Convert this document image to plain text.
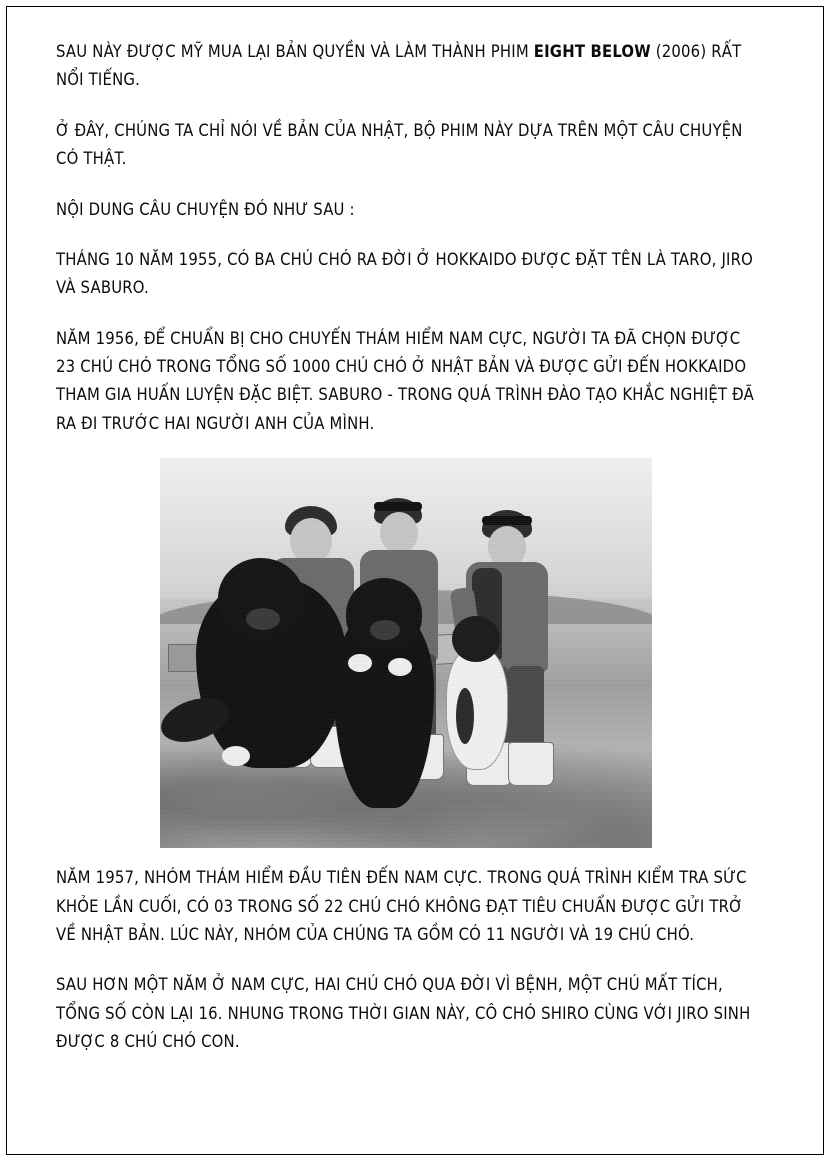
SAU NÀY ĐƯỢC MỸ MUA LẠI BẢN QUYỀN VÀ LÀM THÀNH PHIM EIGHT BELOW (2006) RẤT NỔI TIẾNG.

Ở ĐÂY, CHÚNG TA CHỈ NÓI VỀ BẢN CỦA NHẬT, BỘ PHIM NÀY DỰA TRÊN MỘT CÂU CHUYỆN CÓ THẬT.

NỘI DUNG CÂU CHUYỆN ĐÓ NHƯ SAU :

THÁNG 10 NĂM 1955, CÓ BA CHÚ CHÓ RA ĐỜI Ở HOKKAIDO ĐƯỢC ĐẶT TÊN LÀ TARO, JIRO VÀ SABURO.

NĂM 1956, ĐỂ CHUẨN BỊ CHO CHUYẾN THÁM HIỂM NAM CỰC, NGƯỜI TA ĐÃ CHỌN ĐƯỢC 23 CHÚ CHÓ TRONG TỔNG SỐ 1000 CHÚ CHÓ Ở NHẬT BẢN VÀ ĐƯỢC GỬI ĐẾN HOKKAIDO THAM GIA HUẤN LUYỆN ĐẶC BIỆT. SABURO - TRONG QUÁ TRÌNH ĐÀO TẠO KHẮC NGHIỆT ĐÃ RA ĐI TRƯỚC HAI NGƯỜI ANH CỦA MÌNH.

NĂM 1957, NHÓM THÁM HIỂM ĐẦU TIÊN ĐẾN NAM CỰC. TRONG QUÁ TRÌNH KIỂM TRA SỨC KHỎE LẦN CUỐI, CÓ 03 TRONG SỐ 22 CHÚ CHÓ KHÔNG ĐẠT TIÊU CHUẨN ĐƯỢC GỬI TRỞ VỀ NHẬT BẢN. LÚC NÀY, NHÓM CỦA CHÚNG TA GỒM CÓ 11 NGƯỜI VÀ 19 CHÚ CHÓ.

SAU HƠN MỘT NĂM Ở NAM CỰC, HAI CHÚ CHÓ QUA ĐỜI VÌ BỆNH, MỘT CHÚ MẤT TÍCH, TỔNG SỐ CÒN LẠI 16. NHUNG TRONG THỜI GIAN NÀY, CÔ CHÓ SHIRO CÙNG VỚI JIRO SINH ĐƯỢC 8 CHÚ CHÓ CON.
